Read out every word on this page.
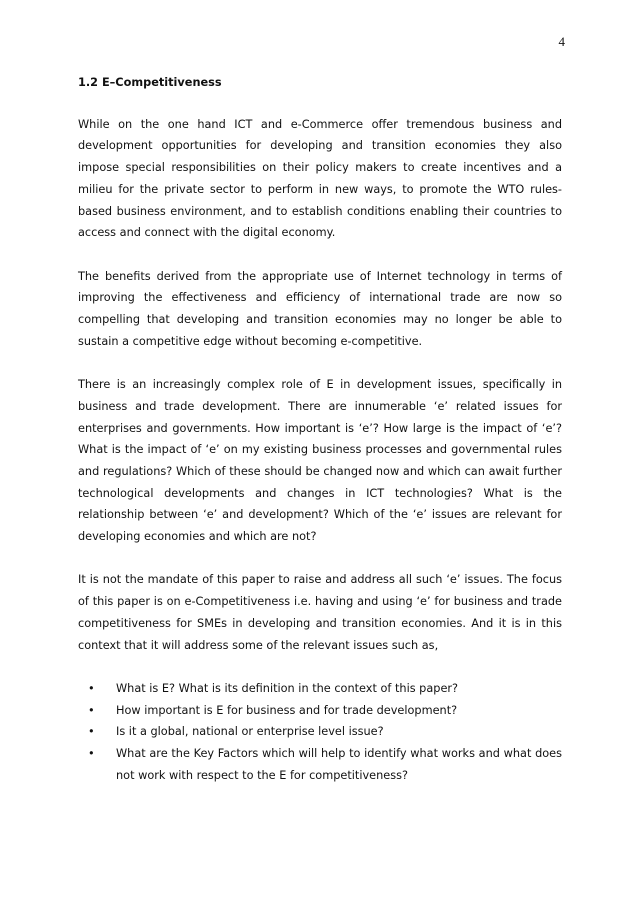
4
1.2 E–Competitiveness

While on the one hand ICT and e-Commerce offer tremendous business and development opportunities for developing and transition economies they also impose special responsibilities on their policy makers to create incentives and a milieu for the private sector to perform in new ways, to promote the WTO rules-based business environment, and to establish conditions enabling their countries to access and connect with the digital economy.

The benefits derived from the appropriate use of Internet technology in terms of improving the effectiveness and efficiency of international trade are now so compelling that developing and transition economies may no longer be able to sustain a competitive edge without becoming e-competitive.

There is an increasingly complex role of E in development issues, specifically in business and trade development. There are innumerable ‘e’ related issues for enterprises and governments. How important is ‘e’? How large is the impact of ‘e’? What is the impact of ‘e’ on my existing business processes and governmental rules and regulations? Which of these should be changed now and which can await further technological developments and changes in ICT technologies? What is the relationship between ‘e’ and development? Which of the ‘e’ issues are relevant for developing economies and which are not?

It is not the mandate of this paper to raise and address all such ‘e’ issues. The focus of this paper is on e-Competitiveness i.e. having and using ‘e’ for business and trade competitiveness for SMEs in developing and transition economies. And it is in this context that it will address some of the relevant issues such as,

• What is E? What is its definition in the context of this paper?
• How important is E for business and for trade development?
• Is it a global, national or enterprise level issue?
• What are the Key Factors which will help to identify what works and what does not work with respect to the E for competitiveness?
